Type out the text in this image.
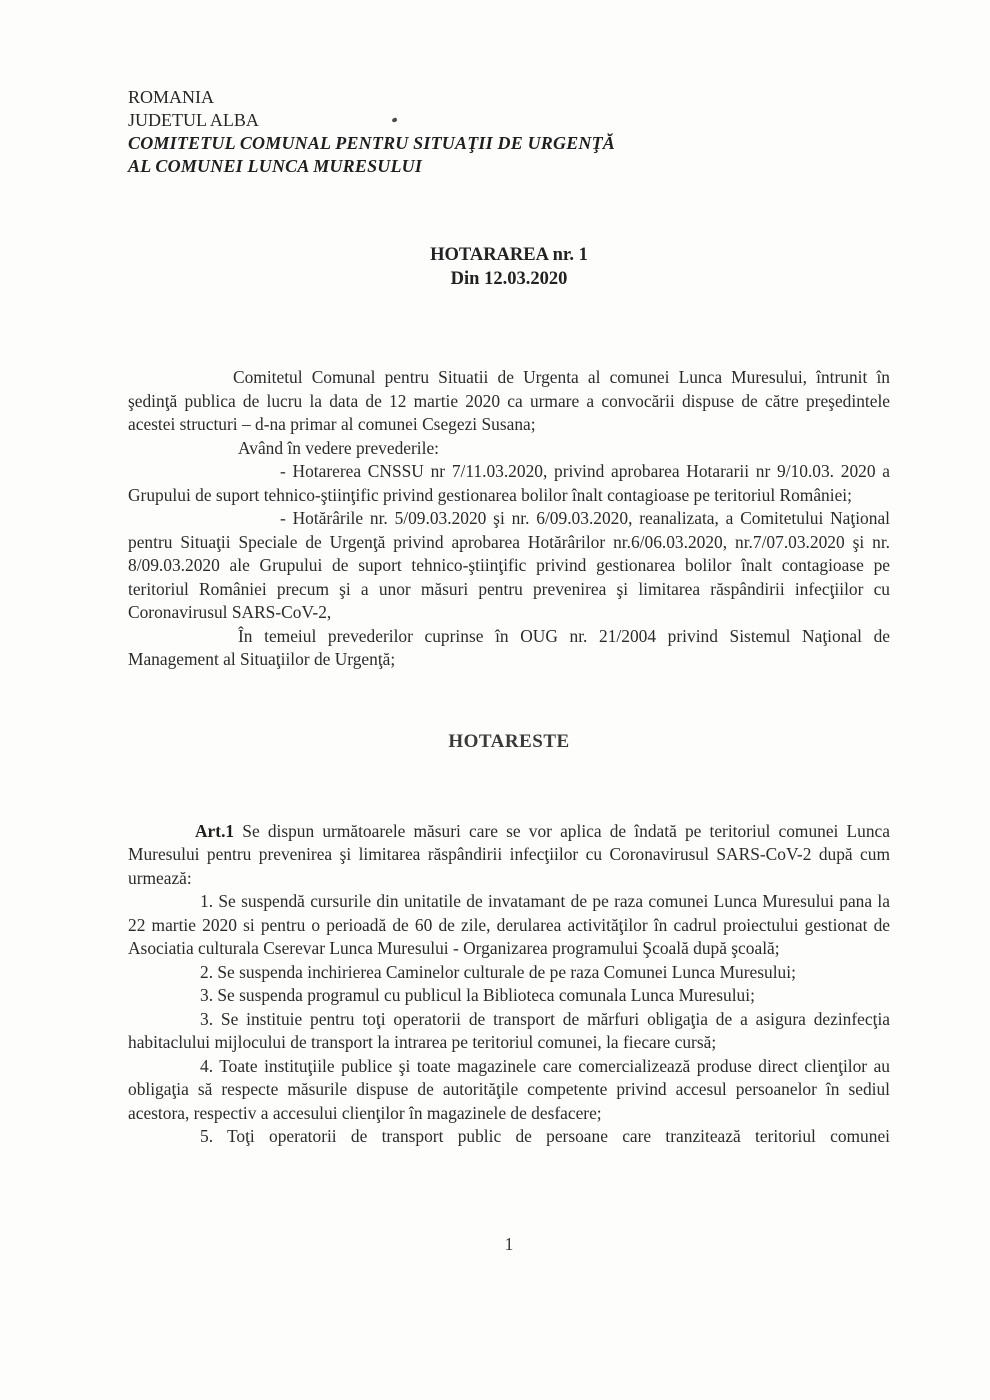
ROMANIA
JUDETUL ALBA
COMITETUL COMUNAL PENTRU SITUAŢII DE URGENŢĂ
AL COMUNEI LUNCA MURESULUI
HOTARAREA nr. 1
Din 12.03.2020

Comitetul Comunal pentru Situatii de Urgenta al comunei Lunca Muresului, întrunit în şedinţă publica de lucru la data de 12 martie 2020 ca urmare a convocării dispuse de către preşedintele acestei structuri – d-na primar al comunei Csegezi Susana;

Având în vedere prevederile:

- Hotarerea CNSSU nr 7/11.03.2020, privind aprobarea Hotararii nr 9/10.03. 2020 a Grupului de suport tehnico-ştiinţific privind gestionarea bolilor înalt contagioase pe teritoriul României;

- Hotărârile nr. 5/09.03.2020 şi nr. 6/09.03.2020, reanalizata, a Comitetului Naţional pentru Situaţii Speciale de Urgenţă privind aprobarea Hotărârilor nr.6/06.03.2020, nr.7/07.03.2020 şi nr. 8/09.03.2020 ale Grupului de suport tehnico-ştiinţific privind gestionarea bolilor înalt contagioase pe teritoriul României precum şi a unor măsuri pentru prevenirea şi limitarea răspândirii infecţiilor cu Coronavirusul SARS-CoV-2,

În temeiul prevederilor cuprinse în OUG nr. 21/2004 privind Sistemul Naţional de Management al Situaţiilor de Urgenţă;

HOTARESTE

Art.1 Se dispun următoarele măsuri care se vor aplica de îndată pe teritoriul comunei Lunca Muresului pentru prevenirea şi limitarea răspândirii infecţiilor cu Coronavirusul SARS-CoV-2 după cum urmează:

1. Se suspendă cursurile din unitatile de invatamant de pe raza comunei Lunca Muresului pana la 22 martie 2020 si pentru o perioadă de 60 de zile, derularea activităţilor în cadrul proiectului gestionat de Asociatia culturala Cserevar Lunca Muresului - Organizarea programului Şcoală după şcoală;

2. Se suspenda inchirierea Caminelor culturale de pe raza Comunei Lunca Muresului;

3. Se suspenda programul cu publicul la Biblioteca comunala Lunca Muresului;

3. Se instituie pentru toţi operatorii de transport de mărfuri obligaţia de a asigura dezinfecţia habitaclului mijlocului de transport la intrarea pe teritoriul comunei, la fiecare cursă;

4. Toate instituţiile publice şi toate magazinele care comercializează produse direct clienţilor au obligaţia să respecte măsurile dispuse de autorităţile competente privind accesul persoanelor în sediul acestora, respectiv a accesului clienţilor în magazinele de desfacere;

5. Toţi operatorii de transport public de persoane care tranzitează teritoriul comunei

1
